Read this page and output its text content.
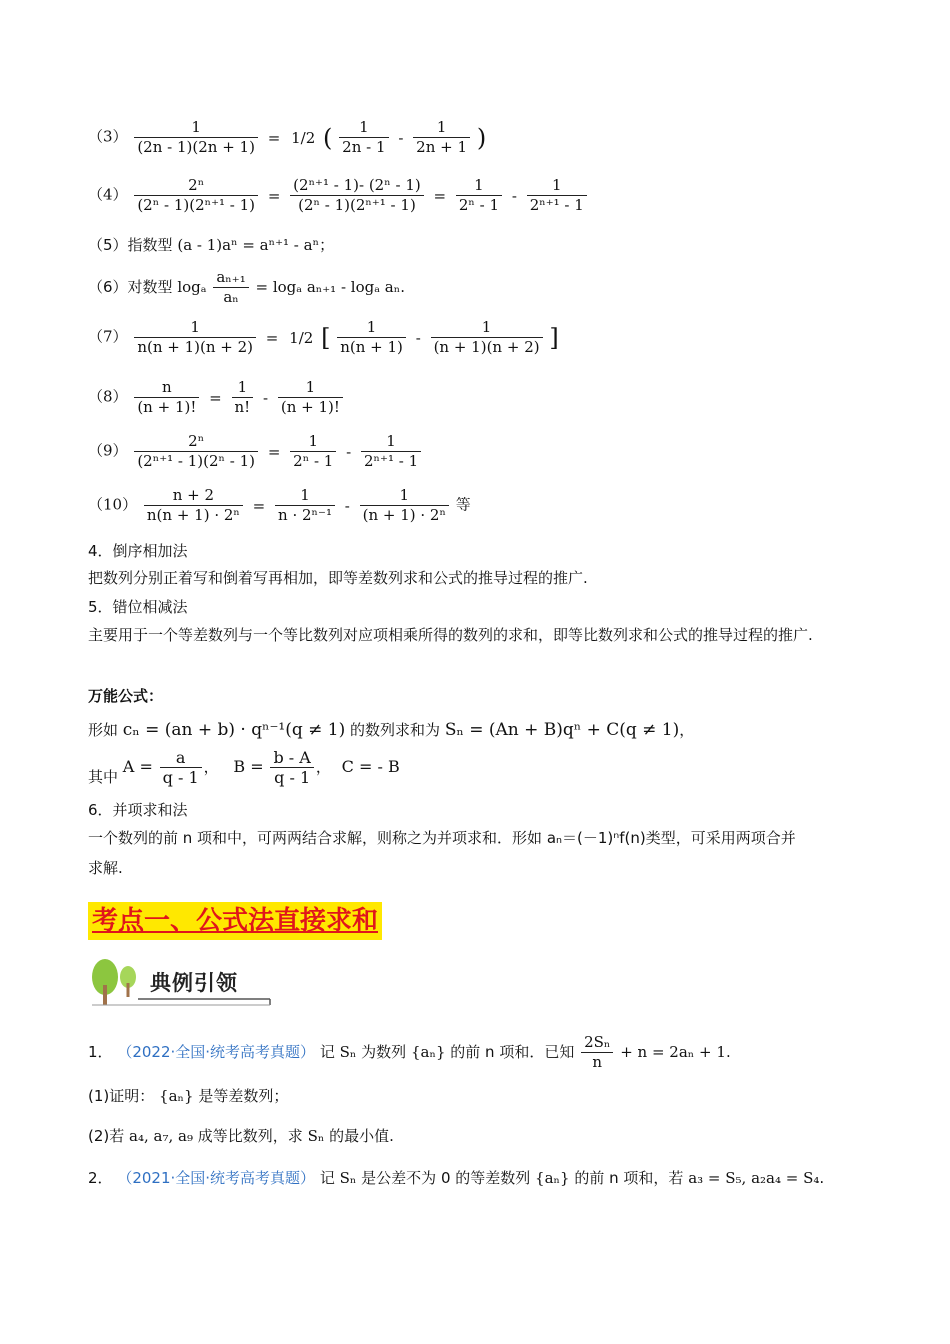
$(3) \frac{1}{(2n - 1)(2n + 1)} = 1/2$ ( $\frac{1}{2n - 1} - \frac{1}{2n + 1}$ )
$(4) \frac{\text{2ⁿ}}{\text{(2ⁿ - 1)(2ⁿ⁺¹ - 1)}} = \frac{\text{(2ⁿ⁺¹ - 1)- (2ⁿ - 1)}}{\text{(2ⁿ - 1)(2ⁿ⁺¹ - 1)}} = \frac{1}{\text{2ⁿ - 1}} - \frac{1}{\text{2ⁿ⁺¹ - 1}}$
（5）指数型 (a - 1)aⁿ = aⁿ⁺¹ - aⁿ；
（6）对数型 logₐ $\frac{\text{aₙ₊₁}}{\text{aₙ}} = \log_a$ aₙ₊₁ - logₐ aₙ.
$(7) \frac{1}{n(n + 1)(n + 2)} = 1/2$ [ $\frac{1}{n(n + 1)} - \frac{1}{(n + 1)(n + 2)}$ ]
$(8) \frac{n}{(n + 1)!} = \frac{1}{n!} - \frac{1}{(n + 1)!}$
$(9) \frac{\text{2ⁿ}}{\text{(2ⁿ⁺¹ - 1)(2ⁿ - 1)}} = \frac{1}{\text{2ⁿ - 1}} - \frac{1}{\text{2ⁿ⁺¹ - 1}}$
$(10) \frac{n + 2}{\text{n(n + 1) · 2ⁿ}} = \frac{1}{\text{n · 2ⁿ⁻¹}} - \frac{1}{\text{(n + 1) · 2ⁿ}}$ 等
4．倒序相加法
把数列分别正着写和倒着写再相加，即等差数列求和公式的推导过程的推广.
5．错位相减法
主要用于一个等差数列与一个等比数列对应项相乘所得的数列的求和，即等比数列求和公式的推导过程的推广.
万能公式：
形如 cₙ = (an + b) · qⁿ⁻¹(q ≠ 1) 的数列求和为 Sₙ = (An + B)qⁿ + C(q ≠ 1)，
其中 $A = \frac{a}{q - 1}$ ， $B = \frac{b - A}{q - 1}$ ， C = - B
6．并项求和法
一个数列的前 n 项和中，可两两结合求解，则称之为并项求和．形如 aₙ＝(－1)ⁿf(n)类型，可采用两项合并
求解.
考点一、公式法直接求和
典例引领
1． （2022·全国·统考高考真题） 记 Sₙ 为数列 {aₙ} 的前 n 项和．已知 $\frac{\text{2Sₙ}}{n} + n = 2a_n + 1$.
(1)证明： {aₙ} 是等差数列；
(2)若 a₄, a₇, a₉ 成等比数列，求 Sₙ 的最小值.
2． （2021·全国·统考高考真题） 记 Sₙ 是公差不为 0 的等差数列 {aₙ} 的前 n 项和，若 a₃ = S₅, a₂a₄ = S₄.
